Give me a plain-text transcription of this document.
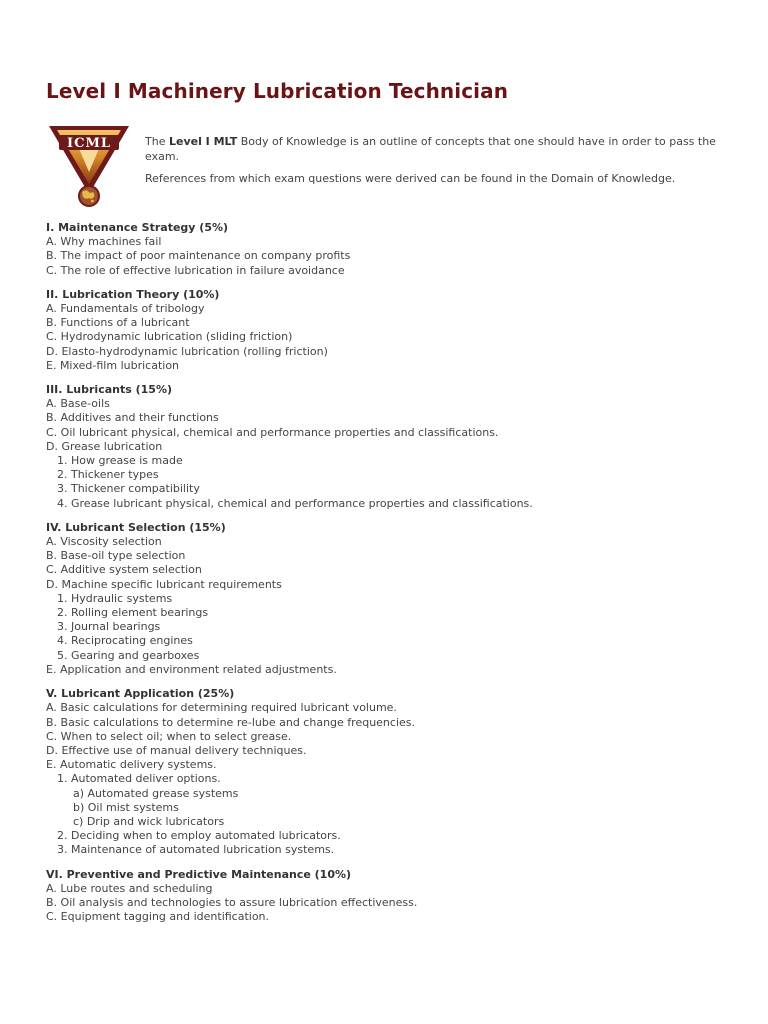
Level I Machinery Lubrication Technician
ICML	The Level I MLT Body of Knowledge is an outline of concepts that one should have in order to pass the exam.

References from which exam questions were derived can be found in the Domain of Knowledge.

I. Maintenance Strategy (5%)
A. Why machines fail
B. The impact of poor maintenance on company profits
C. The role of effective lubrication in failure avoidance
II. Lubrication Theory (10%)
A. Fundamentals of tribology
B. Functions of a lubricant
C. Hydrodynamic lubrication (sliding friction)
D. Elasto-hydrodynamic lubrication (rolling friction)
E. Mixed-film lubrication
III. Lubricants (15%)
A. Base-oils
B. Additives and their functions
C. Oil lubricant physical, chemical and performance properties and classifications.
D. Grease lubrication
1. How grease is made
2. Thickener types
3. Thickener compatibility
4. Grease lubricant physical, chemical and performance properties and classifications.
IV. Lubricant Selection (15%)
A. Viscosity selection
B. Base-oil type selection
C. Additive system selection
D. Machine specific lubricant requirements
1. Hydraulic systems
2. Rolling element bearings
3. Journal bearings
4. Reciprocating engines
5. Gearing and gearboxes
E. Application and environment related adjustments.
V. Lubricant Application (25%)
A. Basic calculations for determining required lubricant volume.
B. Basic calculations to determine re-lube and change frequencies.
C. When to select oil; when to select grease.
D. Effective use of manual delivery techniques.
E. Automatic delivery systems.
1. Automated deliver options.
a) Automated grease systems
b) Oil mist systems
c) Drip and wick lubricators
2. Deciding when to employ automated lubricators.
3. Maintenance of automated lubrication systems.
VI. Preventive and Predictive Maintenance (10%)
A. Lube routes and scheduling
B. Oil analysis and technologies to assure lubrication effectiveness.
C. Equipment tagging and identification.
